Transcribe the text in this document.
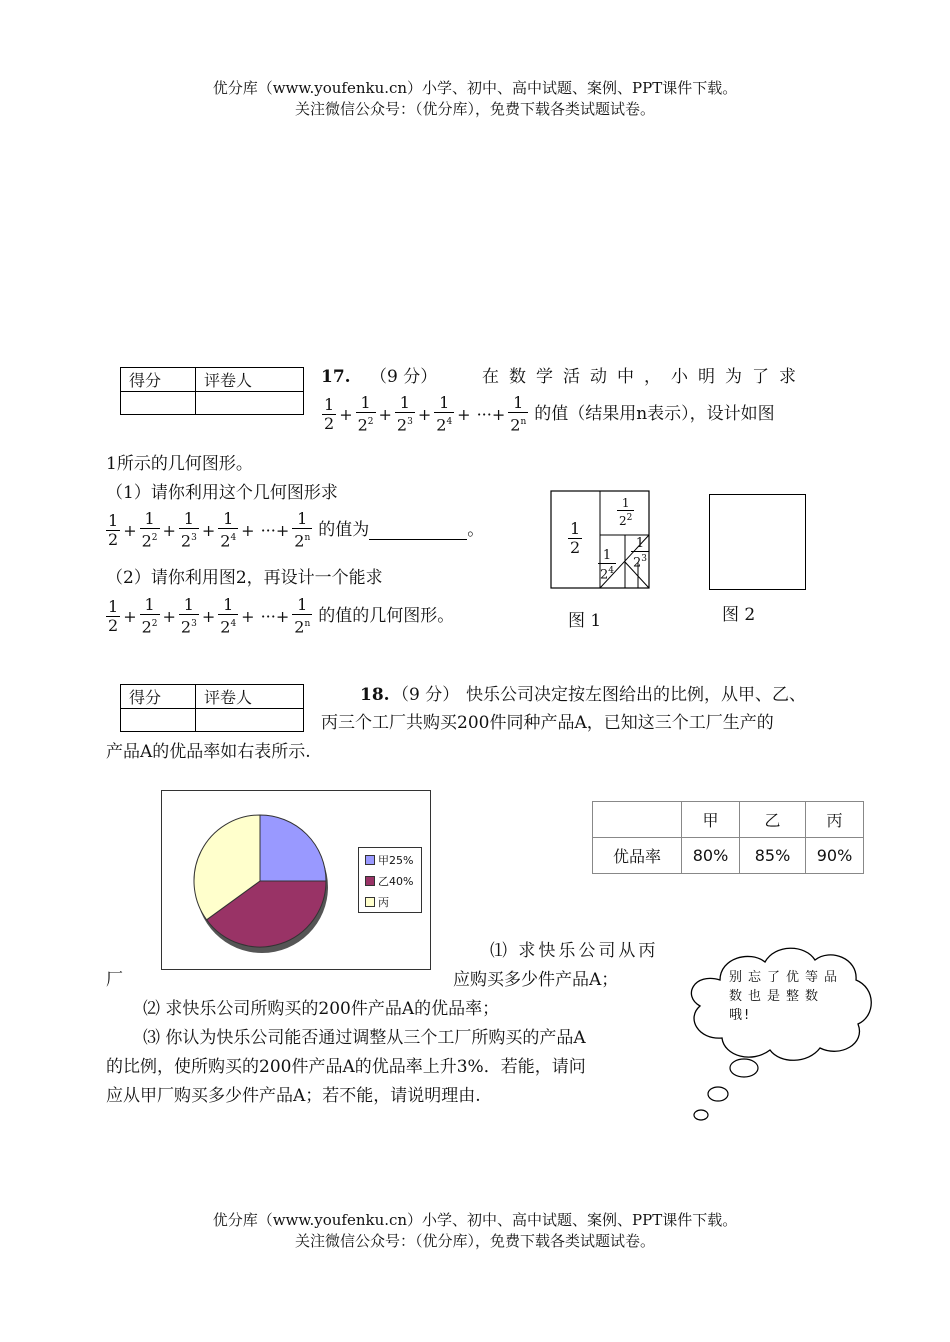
优分库（www.youfenku.cn）小学、初中、高中试题、案例、PPT课件下载。
关注微信公众号：（优分库），免费下载各类试题试卷。
得分	评卷人
		17. （9 分）	在数学活动中，小明为了求
$\frac{1}{2} + \frac{1}{2^2} + \frac{1}{2^3} + \frac{1}{2^4}$ + ···+ $\frac{1}{2^n}$ 的值（结果用n表示），设计如图
1所示的几何图形。
（1）请你利用这个几何图形求
$\frac{1}{2} + \frac{1}{2^2} + \frac{1}{2^3} + \frac{1}{2^4}$ + ···+ $\frac{1}{2^n}$ 的值为	。
（2）请你利用图2，再设计一个能求
$\frac{1}{2} + \frac{1}{2^2} + \frac{1}{2^3} + \frac{1}{2^4}$ + ···+ $\frac{1}{2^n}$ 的值的几何图形。
$\frac{1}{2}$
$\frac{1}{2^2}$
$\frac{1}{2^3}$
$\frac{1}{2^4}$
图 1	图 2
得分	评卷人
		18. （9 分） 快乐公司决定按左图给出的比例，从甲、乙、
丙三个工厂共购买200件同种产品A，已知这三个工厂生产的
产品A的优品率如右表所示.
甲25%
乙40%
丙
	甲	乙	丙
优品率	80%	85%	90%
⑴ 求快乐公司从丙
厂	应购买多少件产品A；
⑵ 求快乐公司所购买的200件产品A的优品率；
⑶ 你认为快乐公司能否通过调整从三个工厂所购买的产品A
的比例，使所购买的200件产品A的优品率上升3%．若能，请问
应从甲厂购买多少件产品A；若不能，请说明理由.
别忘了优等品
数也是整数
哦!
优分库（www.youfenku.cn）小学、初中、高中试题、案例、PPT课件下载。
关注微信公众号：（优分库），免费下载各类试题试卷。
